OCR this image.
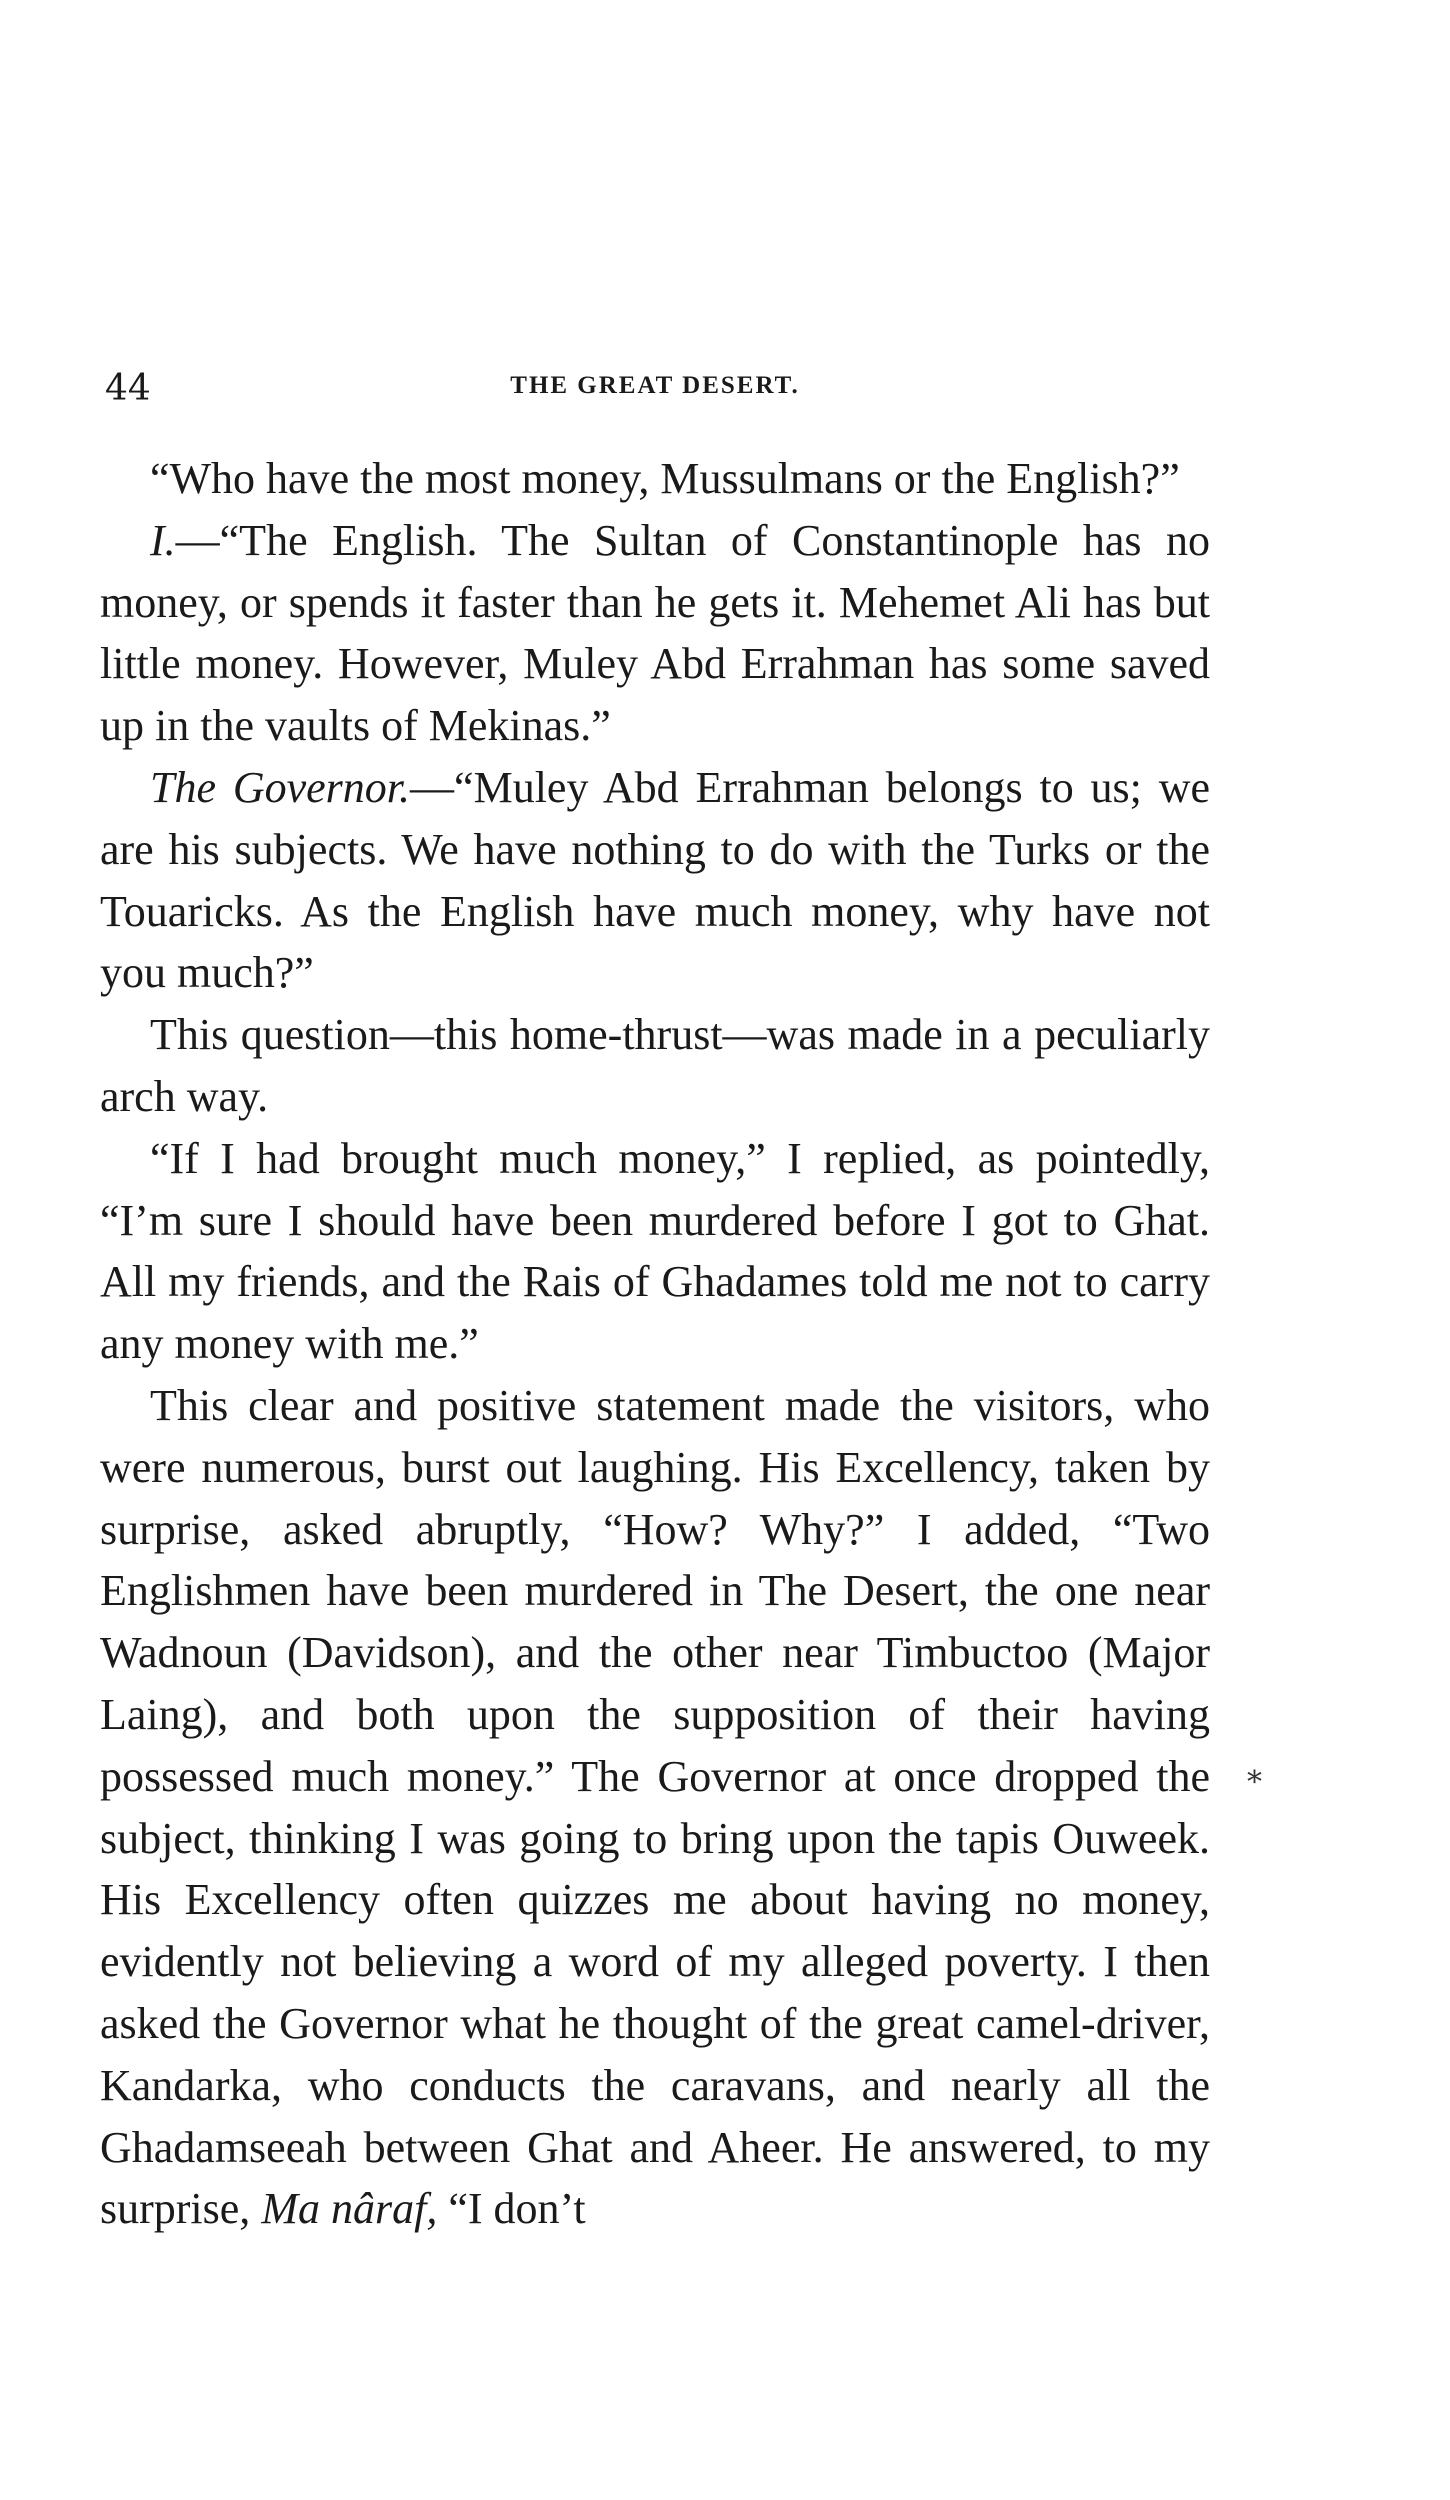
44	THE GREAT DESERT.

“Who have the most money, Mussulmans or the English?”

I.—“The English. The Sultan of Constantinople has no money, or spends it faster than he gets it. Mehemet Ali has but little money. However, Muley Abd Errahman has some saved up in the vaults of Mekinas.”

The Governor.—“Muley Abd Errahman belongs to us; we are his subjects. We have nothing to do with the Turks or the Touaricks. As the English have much money, why have not you much?”

This question—this home-thrust—was made in a peculiarly arch way.

“If I had brought much money,” I replied, as pointedly, “I’m sure I should have been murdered before I got to Ghat. All my friends, and the Rais of Ghadames told me not to carry any money with me.”

This clear and positive statement made the visitors, who were numerous, burst out laughing. His Excellency, taken by surprise, asked abruptly, “How? Why?” I added, “Two Englishmen have been murdered in The Desert, the one near Wadnoun (Davidson), and the other near Timbuctoo (Major Laing), and both upon the supposition of their having possessed much money.” The Governor at once dropped the subject, thinking I was going to bring upon the tapis Ouweek. His Excellency often quizzes me about having no money, evidently not believing a word of my alleged poverty. I then asked the Governor what he thought of the great camel-driver, Kandarka, who conducts the caravans, and nearly all the Ghadamseeah between Ghat and Aheer. He answered, to my surprise, Ma nâraf, “I don’t

*
